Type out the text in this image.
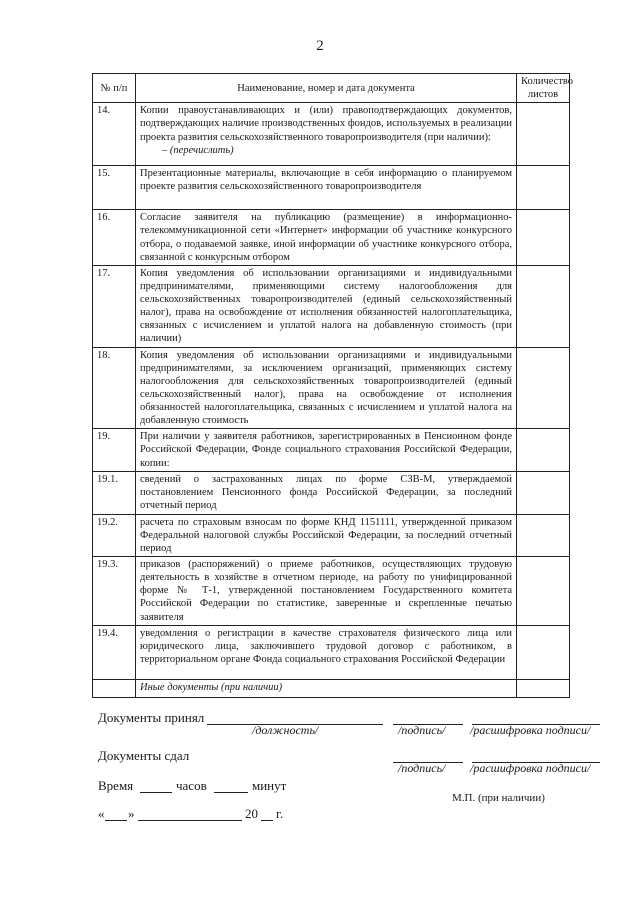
2
№ п/п	Наименование, номер и дата документа	Количество листов
14.	Копии правоустанавливающих и (или) правоподтверждающих документов, подтверждающих наличие производственных фондов, используемых в реализации проекта развития сельскохозяйственного товаропроизводителя (при наличии):
– (перечислить)	

15.	Презентационные материалы, включающие в себя информацию о планируемом проекте развития сельскохозяйственного товаропроизводителя	

16.	Согласие заявителя на публикацию (размещение) в информационно-телекоммуникационной сети «Интернет» информации об участнике конкурсного отбора, о подаваемой заявке, иной информации об участнике конкурсного отбора, связанной с конкурсным отбором	

17.	Копия уведомления об использовании организациями и индивидуальными предпринимателями, применяющими систему налогообложения для сельскохозяйственных товаропроизводителей (единый сельскохозяйственный налог), права на освобождение от исполнения обязанностей налогоплательщика, связанных с исчислением и уплатой налога на добавленную стоимость (при наличии)	

18.	Копия уведомления об использовании организациями и индивидуальными предпринимателями, за исключением организаций, применяющих систему налогообложения для сельскохозяйственных товаропроизводителей (единый сельскохозяйственный налог), права на освобождение от исполнения обязанностей налогоплательщика, связанных с исчислением и уплатой налога на добавленную стоимость	

19.	При наличии у заявителя работников, зарегистрированных в Пенсионном фонде Российской Федерации, Фонде социального страхования Российской Федерации, копии:	

19.1.	сведений о застрахованных лицах по форме СЗВ-М, утверждаемой постановлением Пенсионного фонда Российской Федерации, за последний отчетный период	

19.2.	расчета по страховым взносам по форме КНД 1151111, утвержденной приказом Федеральной налоговой службы Российской Федерации, за последний отчетный период	

19.3.	приказов (распоряжений) о приеме работников, осуществляющих трудовую деятельность в хозяйстве в отчетном периоде, на работу по унифицированной форме № Т-1, утвержденной постановлением Государственного комитета Российской Федерации по статистике, заверенные и скрепленные печатью заявителя	

19.4.	уведомления о регистрации в качестве страхователя физического лица или юридического лица, заключившего трудовой договор с работником, в территориальном органе Фонда социального страхования Российской Федерации	

	Иные документы (при наличии)	

Документы принял
/должность/	/подпись/ /расшифровка подписи/
Документы сдал
/подпись/ /расшифровка подписи/
Время	часов	минут
М.П. (при наличии)
« »	20 г.
